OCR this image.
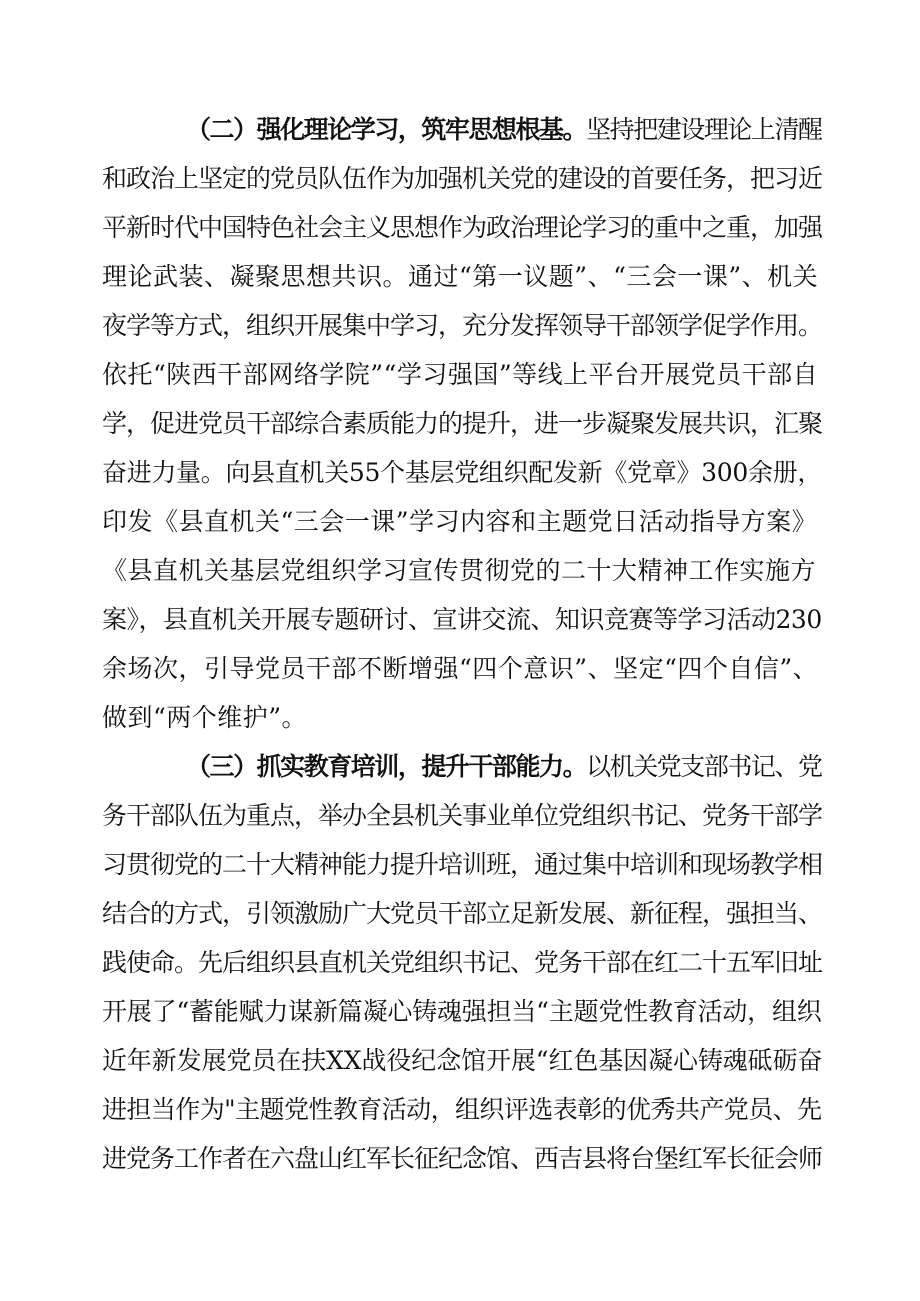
（二）强化理论学习，筑牢思想根基。坚持把建设理论上清醒
和政治上坚定的党员队伍作为加强机关党的建设的首要任务，把习近
平新时代中国特色社会主义思想作为政治理论学习的重中之重，加强
理论武装、凝聚思想共识。通过“第一议题”、“三会一课”、机关
夜学等方式，组织开展集中学习，充分发挥领导干部领学促学作用。
依托“陕西干部网络学院”“学习强国”等线上平台开展党员干部自
学，促进党员干部综合素质能力的提升，进一步凝聚发展共识，汇聚
奋进力量。向县直机关55个基层党组织配发新《党章》300余册，
印发《县直机关“三会一课”学习内容和主题党日活动指导方案》
《县直机关基层党组织学习宣传贯彻党的二十大精神工作实施方
案》，县直机关开展专题研讨、宣讲交流、知识竞赛等学习活动230
余场次，引导党员干部不断增强“四个意识”、坚定“四个自信”、
做到“两个维护”。
（三）抓实教育培训，提升干部能力。以机关党支部书记、党
务干部队伍为重点，举办全县机关事业单位党组织书记、党务干部学
习贯彻党的二十大精神能力提升培训班，通过集中培训和现场教学相
结合的方式，引领激励广大党员干部立足新发展、新征程，强担当、
践使命。先后组织县直机关党组织书记、党务干部在红二十五军旧址
开展了“蓄能赋力谋新篇凝心铸魂强担当“主题党性教育活动，组织
近年新发展党员在扶XX战役纪念馆开展“红色基因凝心铸魂砥砺奋
进担当作为"主题党性教育活动，组织评选表彰的优秀共产党员、先
进党务工作者在六盘山红军长征纪念馆、西吉县将台堡红军长征会师
